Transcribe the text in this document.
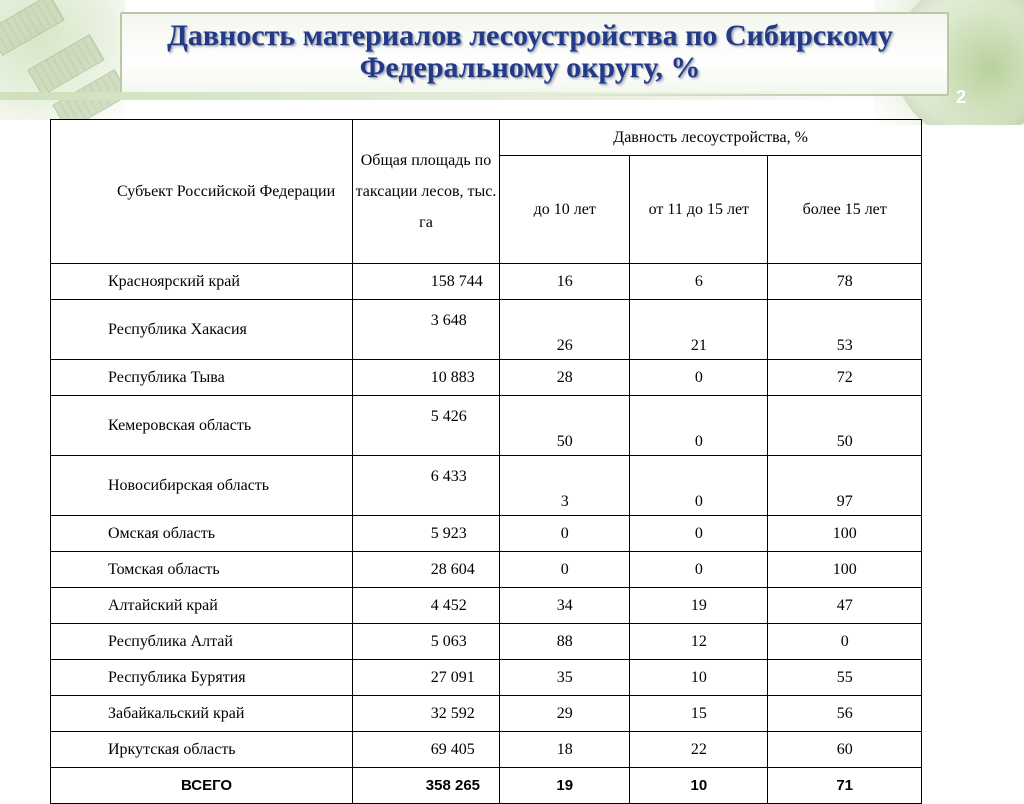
Давность материалов лесоустройства по Сибирскому Федеральному округу, %
2
Субъект Российской Федерации	Общая площадь по таксации лесов, тыс. га	Давность лесоустройства, %		
		до 10 лет	от 11 до 15 лет	более 15 лет
Красноярский край	158 744	16	6	78
Республика Хакасия	3 648	26	21	53
Республика Тыва	10 883	28	0	72
Кемеровская область	5 426	50	0	50
Новосибирская область	6 433	3	0	97
Омская область	5 923	0	0	100
Томская область	28 604	0	0	100
Алтайский край	4 452	34	19	47
Республика Алтай	5 063	88	12	0
Республика Бурятия	27 091	35	10	55
Забайкальский край	32 592	29	15	56
Иркутская область	69 405	18	22	60
ВСЕГО	358 265	19	10	71
